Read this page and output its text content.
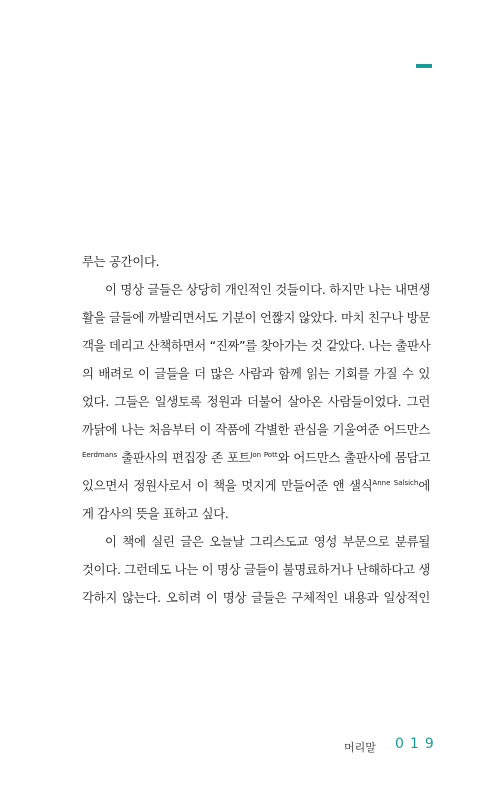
루는 공간이다.
이 명상 글들은 상당히 개인적인 것들이다. 하지만 나는 내면생
활을 글들에 까발리면서도 기분이 언짢지 않았다. 마치 친구나 방문
객을 데리고 산책하면서 “진짜”를 찾아가는 것 같았다. 나는 출판사
의 배려로 이 글들을 더 많은 사람과 함께 읽는 기회를 가질 수 있
었다. 그들은 일생토록 정원과 더불어 살아온 사람들이었다. 그런
까닭에 나는 처음부터 이 작품에 각별한 관심을 기울여준 어드만스
$^{Eerdmans}$ 출판사의 편집장 존 포트$^{Jon Pott}$와 어드만스 출판사에 몸담고
있으면서 정원사로서 이 책을 멋지게 만들어준 앤 샐식$^{Anne Salsich}$에
게 감사의 뜻을 표하고 싶다.
이 책에 실린 글은 오늘날 그리스도교 영성 부문으로 분류될
것이다. 그런데도 나는 이 명상 글들이 불명료하거나 난해하다고 생
각하지 않는다. 오히려 이 명상 글들은 구체적인 내용과 일상적인
머리말 019
